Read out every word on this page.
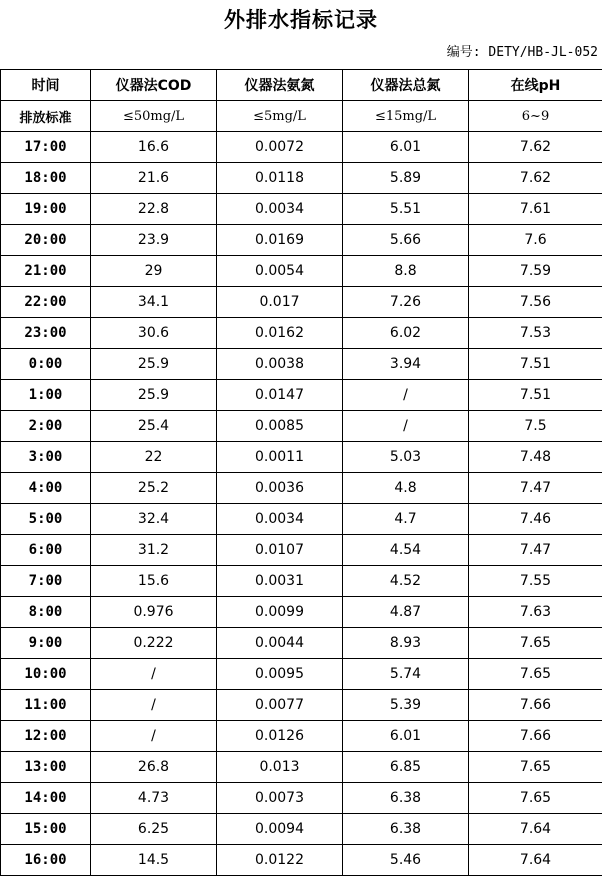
外排水指标记录
编号: DETY/HB-JL-052
时间	仪器法COD	仪器法氨氮	仪器法总氮	在线pH
排放标准	≤50mg/L	≤5mg/L	≤15mg/L	6~9
17:00	16.6	0.0072	6.01	7.62
18:00	21.6	0.0118	5.89	7.62
19:00	22.8	0.0034	5.51	7.61
20:00	23.9	0.0169	5.66	7.6
21:00	29	0.0054	8.8	7.59
22:00	34.1	0.017	7.26	7.56
23:00	30.6	0.0162	6.02	7.53
0:00	25.9	0.0038	3.94	7.51
1:00	25.9	0.0147	/	7.51
2:00	25.4	0.0085	/	7.5
3:00	22	0.0011	5.03	7.48
4:00	25.2	0.0036	4.8	7.47
5:00	32.4	0.0034	4.7	7.46
6:00	31.2	0.0107	4.54	7.47
7:00	15.6	0.0031	4.52	7.55
8:00	0.976	0.0099	4.87	7.63
9:00	0.222	0.0044	8.93	7.65
10:00	/	0.0095	5.74	7.65
11:00	/	0.0077	5.39	7.66
12:00	/	0.0126	6.01	7.66
13:00	26.8	0.013	6.85	7.65
14:00	4.73	0.0073	6.38	7.65
15:00	6.25	0.0094	6.38	7.64
16:00	14.5	0.0122	5.46	7.64
